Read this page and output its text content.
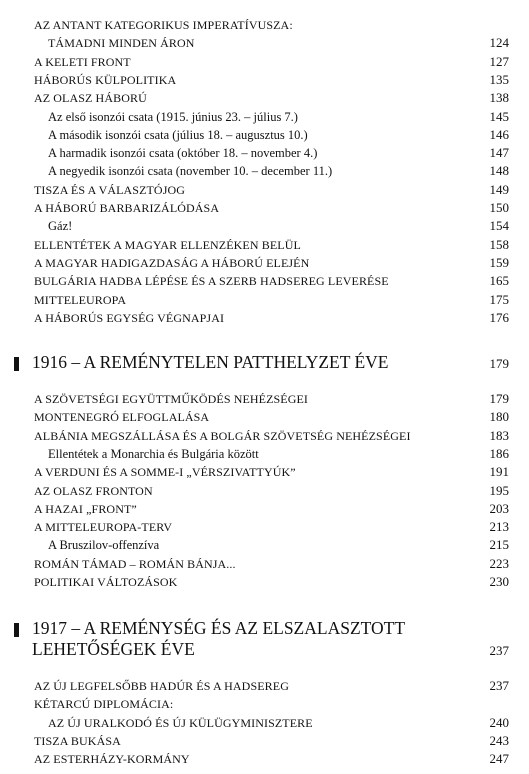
AZ ANTANT KATEGORIKUS IMPERATÍVUSZA:
TÁMADNI MINDEN ÁRON	124
A KELETI FRONT	127
HÁBORÚS KÜLPOLITIKA	135
AZ OLASZ HÁBORÚ	138
Az első isonzói csata (1915. június 23. – július 7.)	145
A második isonzói csata (július 18. – augusztus 10.)	146
A harmadik isonzói csata (október 18. – november 4.)	147
A negyedik isonzói csata (november 10. – december 11.)	148
TISZA ÉS A VÁLASZTÓJOG	149
A HÁBORÚ BARBARIZÁLÓDÁSA	150
Gáz!	154
ELLENTÉTEK A MAGYAR ELLENZÉKEN BELÜL	158
A MAGYAR HADIGAZDASÁG A HÁBORÚ ELEJÉN	159
BULGÁRIA HADBA LÉPÉSE ÉS A SZERB HADSEREG LEVERÉSE	165
MITTELEUROPA	175
A HÁBORÚS EGYSÉG VÉGNAPJAI	176
1916 – A REMÉNYTELEN PATTHELYZET ÉVE	179
A SZÖVETSÉGI EGYÜTTMŰKÖDÉS NEHÉZSÉGEI	179
MONTENEGRÓ ELFOGLALÁSA	180
ALBÁNIA MEGSZÁLLÁSA ÉS A BOLGÁR SZÖVETSÉG NEHÉZSÉGEI	183
Ellentétek a Monarchia és Bulgária között	186
A VERDUNI ÉS A SOMME-I „VÉRSZIVATTYÚK”	191
AZ OLASZ FRONTON	195
A HAZAI „FRONT”	203
A MITTELEUROPA-TERV	213
A Bruszilov-offenzíva	215
ROMÁN TÁMAD – ROMÁN BÁNJA...	223
POLITIKAI VÁLTOZÁSOK	230
1917 – A REMÉNYSÉG ÉS AZ ELSZALASZTOTT
LEHETŐSÉGEK ÉVE	237
AZ ÚJ LEGFELSŐBB HADÚR ÉS A HADSEREG	237
KÉTARCÚ DIPLOMÁCIA:
AZ ÚJ URALKODÓ ÉS ÚJ KÜLÜGYMINISZTERE	240
TISZA BUKÁSA	243
AZ ESTERHÁZY-KORMÁNY	247
